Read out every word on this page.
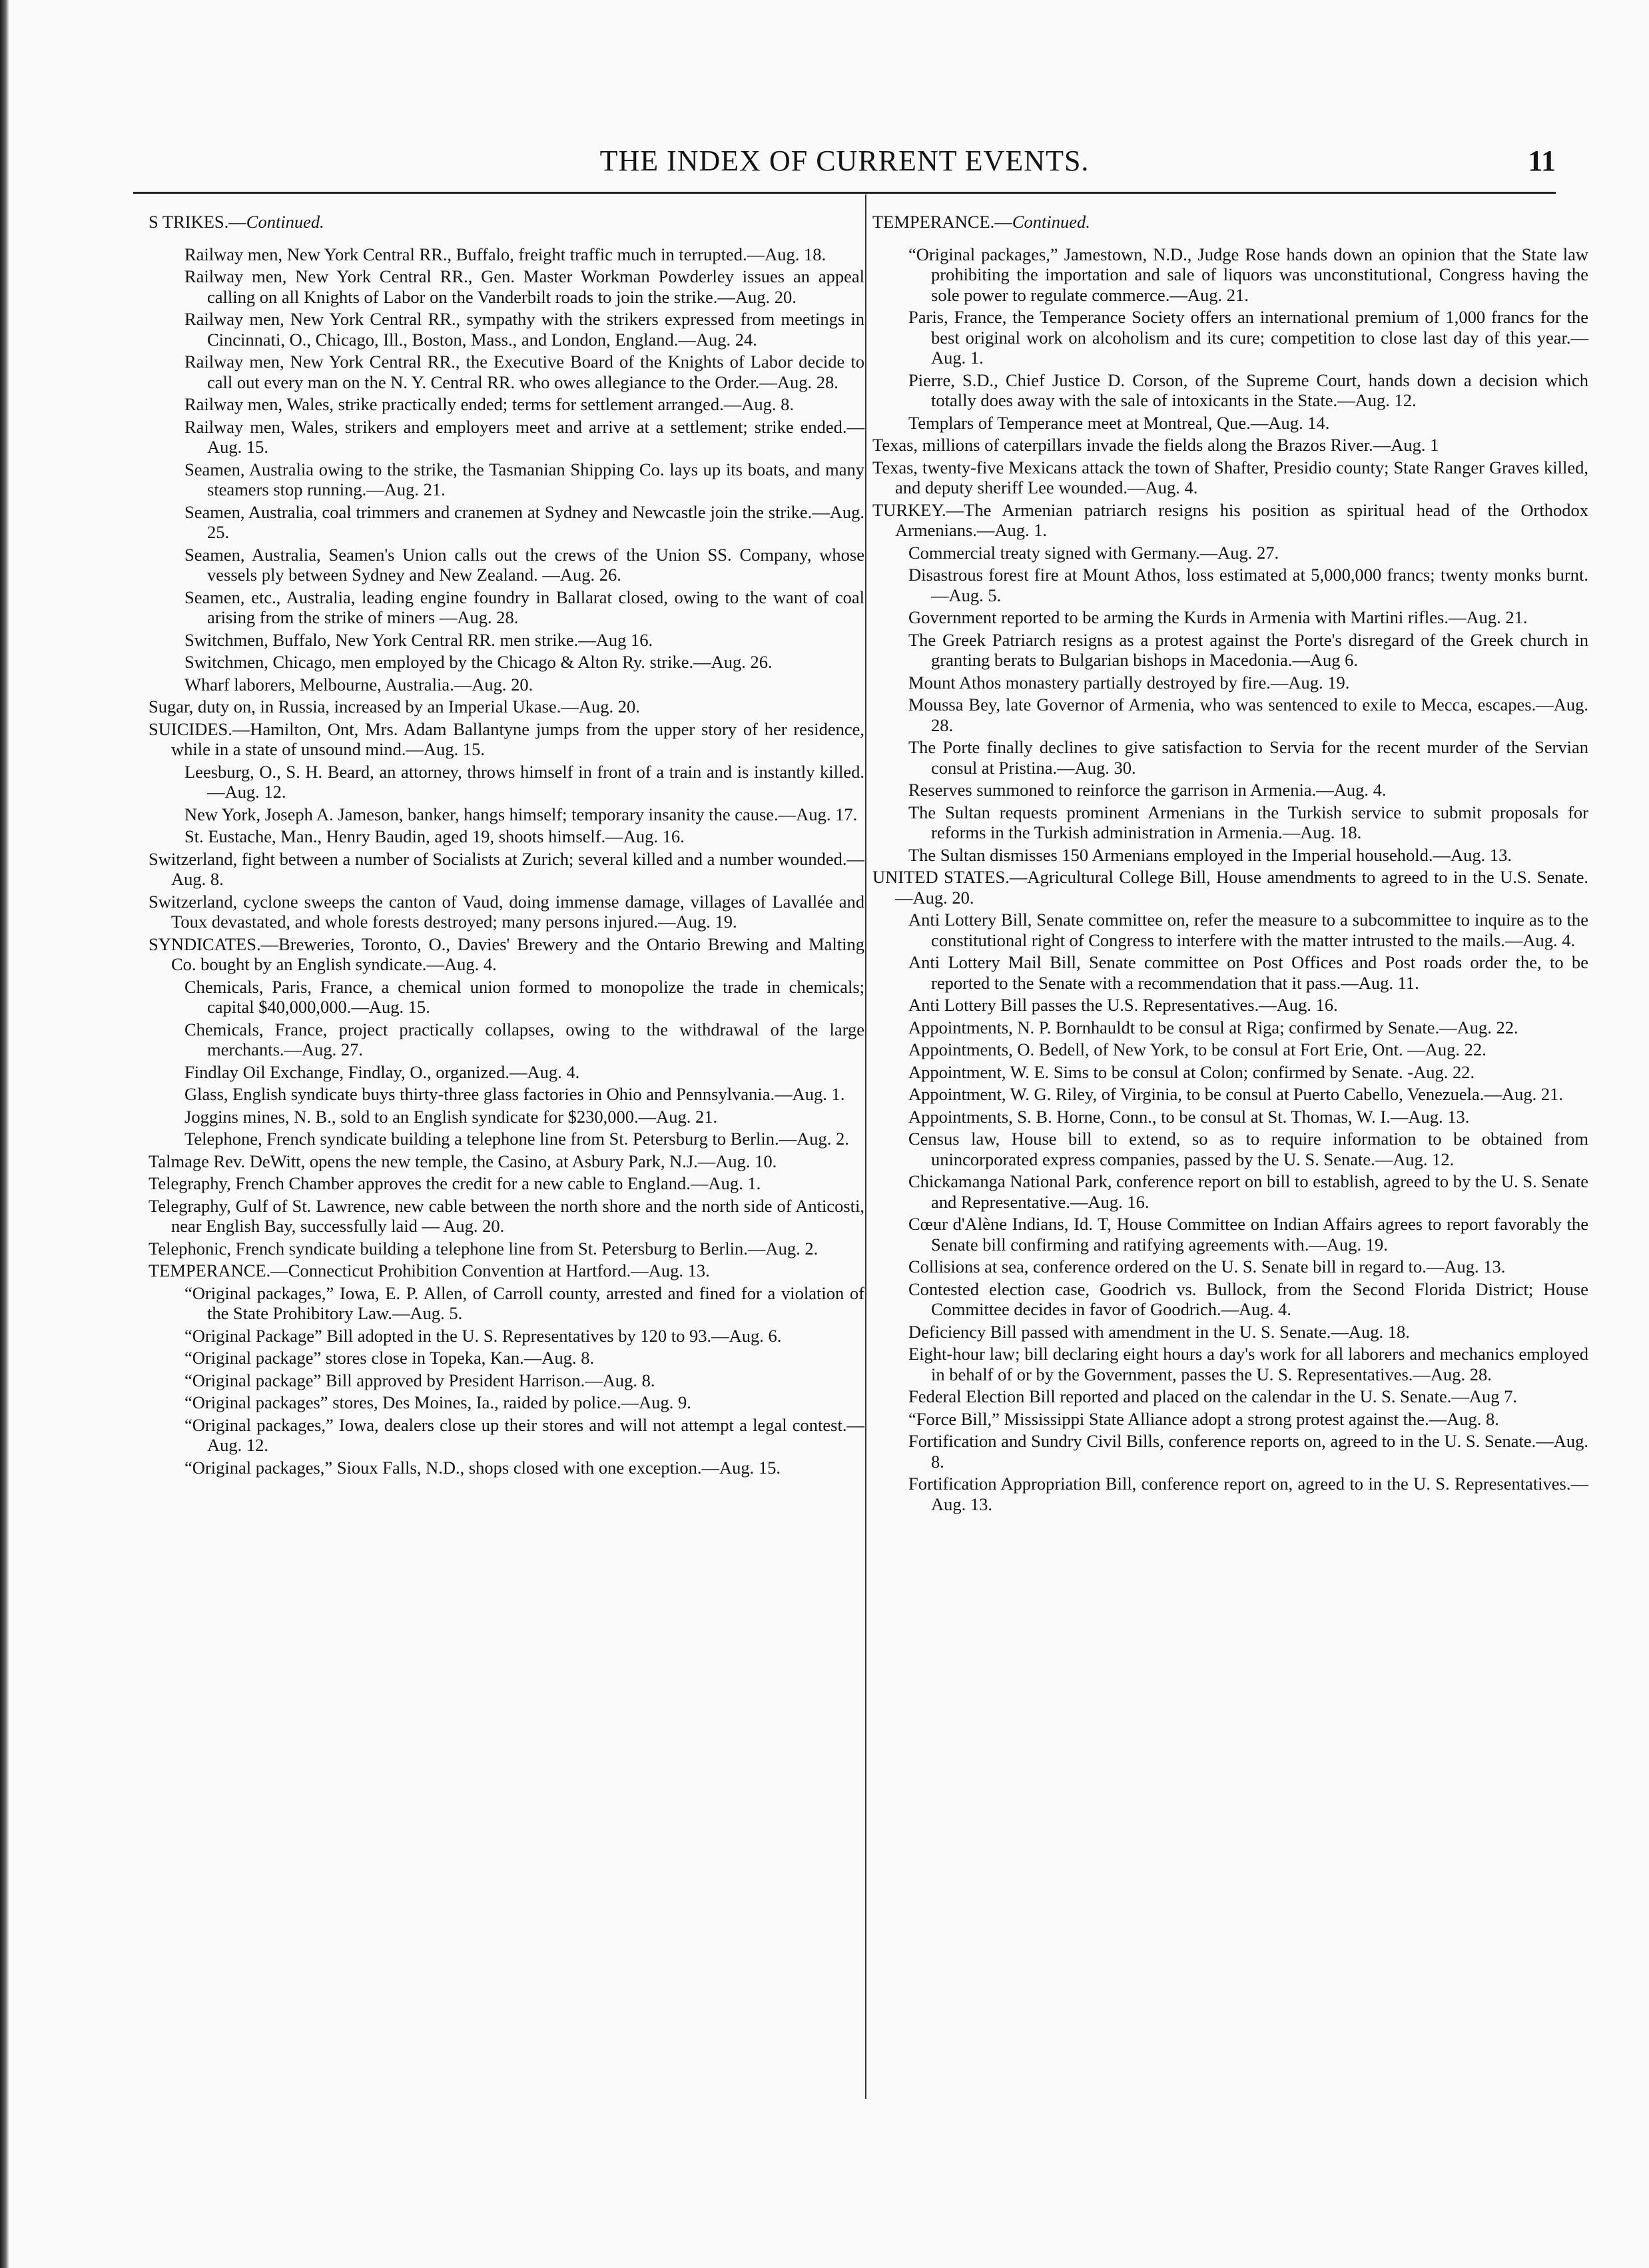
THE INDEX OF CURRENT EVENTS.	11
S TRIKES.—Continued.
Railway men, New York Central RR., Buffalo, freight traffic much in terrupted.—Aug. 18.
Railway men, New York Central RR., Gen. Master Workman Powderley issues an appeal calling on all Knights of Labor on the Vanderbilt roads to join the strike.—Aug. 20.
Railway men, New York Central RR., sympathy with the strikers expressed from meetings in Cincinnati, O., Chicago, Ill., Boston, Mass., and London, England.—Aug. 24.
Railway men, New York Central RR., the Executive Board of the Knights of Labor decide to call out every man on the N. Y. Central RR. who owes allegiance to the Order.—Aug. 28.
Railway men, Wales, strike practically ended; terms for settlement arranged.—Aug. 8.
Railway men, Wales, strikers and employers meet and arrive at a settlement; strike ended.—Aug. 15.
Seamen, Australia owing to the strike, the Tasmanian Shipping Co. lays up its boats, and many steamers stop running.—Aug. 21.
Seamen, Australia, coal trimmers and cranemen at Sydney and Newcastle join the strike.—Aug. 25.
Seamen, Australia, Seamen's Union calls out the crews of the Union SS. Company, whose vessels ply between Sydney and New Zealand. —Aug. 26.
Seamen, etc., Australia, leading engine foundry in Ballarat closed, owing to the want of coal arising from the strike of miners —Aug. 28.
Switchmen, Buffalo, New York Central RR. men strike.—Aug 16.
Switchmen, Chicago, men employed by the Chicago & Alton Ry. strike.—Aug. 26.
Wharf laborers, Melbourne, Australia.—Aug. 20.
Sugar, duty on, in Russia, increased by an Imperial Ukase.—Aug. 20.
SUICIDES.—Hamilton, Ont, Mrs. Adam Ballantyne jumps from the upper story of her residence, while in a state of unsound mind.—Aug. 15.
Leesburg, O., S. H. Beard, an attorney, throws himself in front of a train and is instantly killed.—Aug. 12.
New York, Joseph A. Jameson, banker, hangs himself; temporary insanity the cause.—Aug. 17.
St. Eustache, Man., Henry Baudin, aged 19, shoots himself.—Aug. 16.
Switzerland, fight between a number of Socialists at Zurich; several killed and a number wounded.—Aug. 8.
Switzerland, cyclone sweeps the canton of Vaud, doing immense damage, villages of Lavallée and Toux devastated, and whole forests destroyed; many persons injured.—Aug. 19.
SYNDICATES.—Breweries, Toronto, O., Davies' Brewery and the Ontario Brewing and Malting Co. bought by an English syndicate.—Aug. 4.
Chemicals, Paris, France, a chemical union formed to monopolize the trade in chemicals; capital $40,000,000.—Aug. 15.
Chemicals, France, project practically collapses, owing to the withdrawal of the large merchants.—Aug. 27.
Findlay Oil Exchange, Findlay, O., organized.—Aug. 4.
Glass, English syndicate buys thirty-three glass factories in Ohio and Pennsylvania.—Aug. 1.
Joggins mines, N. B., sold to an English syndicate for $230,000.—Aug. 21.
Telephone, French syndicate building a telephone line from St. Petersburg to Berlin.—Aug. 2.
Talmage Rev. DeWitt, opens the new temple, the Casino, at Asbury Park, N.J.—Aug. 10.
Telegraphy, French Chamber approves the credit for a new cable to England.—Aug. 1.
Telegraphy, Gulf of St. Lawrence, new cable between the north shore and the north side of Anticosti, near English Bay, successfully laid — Aug. 20.
Telephonic, French syndicate building a telephone line from St. Petersburg to Berlin.—Aug. 2.
TEMPERANCE.—Connecticut Prohibition Convention at Hartford.—Aug. 13.
“Original packages,” Iowa, E. P. Allen, of Carroll county, arrested and fined for a violation of the State Prohibitory Law.—Aug. 5.
“Original Package” Bill adopted in the U. S. Representatives by 120 to 93.—Aug. 6.
“Original package” stores close in Topeka, Kan.—Aug. 8.
“Original package” Bill approved by President Harrison.—Aug. 8.
“Original packages” stores, Des Moines, Ia., raided by police.—Aug. 9.
“Original packages,” Iowa, dealers close up their stores and will not attempt a legal contest.—Aug. 12.
“Original packages,” Sioux Falls, N.D., shops closed with one exception.—Aug. 15.
TEMPERANCE.—Continued.
“Original packages,” Jamestown, N.D., Judge Rose hands down an opinion that the State law prohibiting the importation and sale of liquors was unconstitutional, Congress having the sole power to regulate commerce.—Aug. 21.
Paris, France, the Temperance Society offers an international premium of 1,000 francs for the best original work on alcoholism and its cure; competition to close last day of this year.—Aug. 1.
Pierre, S.D., Chief Justice D. Corson, of the Supreme Court, hands down a decision which totally does away with the sale of intoxicants in the State.—Aug. 12.
Templars of Temperance meet at Montreal, Que.—Aug. 14.
Texas, millions of caterpillars invade the fields along the Brazos River.—Aug. 1
Texas, twenty-five Mexicans attack the town of Shafter, Presidio county; State Ranger Graves killed, and deputy sheriff Lee wounded.—Aug. 4.
TURKEY.—The Armenian patriarch resigns his position as spiritual head of the Orthodox Armenians.—Aug. 1.
Commercial treaty signed with Germany.—Aug. 27.
Disastrous forest fire at Mount Athos, loss estimated at 5,000,000 francs; twenty monks burnt.—Aug. 5.
Government reported to be arming the Kurds in Armenia with Martini rifles.—Aug. 21.
The Greek Patriarch resigns as a protest against the Porte's disregard of the Greek church in granting berats to Bulgarian bishops in Macedonia.—Aug 6.
Mount Athos monastery partially destroyed by fire.—Aug. 19.
Moussa Bey, late Governor of Armenia, who was sentenced to exile to Mecca, escapes.—Aug. 28.
The Porte finally declines to give satisfaction to Servia for the recent murder of the Servian consul at Pristina.—Aug. 30.
Reserves summoned to reinforce the garrison in Armenia.—Aug. 4.
The Sultan requests prominent Armenians in the Turkish service to submit proposals for reforms in the Turkish administration in Armenia.—Aug. 18.
The Sultan dismisses 150 Armenians employed in the Imperial household.—Aug. 13.
UNITED STATES.—Agricultural College Bill, House amendments to agreed to in the U.S. Senate.—Aug. 20.
Anti Lottery Bill, Senate committee on, refer the measure to a subcommittee to inquire as to the constitutional right of Congress to interfere with the matter intrusted to the mails.—Aug. 4.
Anti Lottery Mail Bill, Senate committee on Post Offices and Post roads order the, to be reported to the Senate with a recommendation that it pass.—Aug. 11.
Anti Lottery Bill passes the U.S. Representatives.—Aug. 16.
Appointments, N. P. Bornhauldt to be consul at Riga; confirmed by Senate.—Aug. 22.
Appointments, O. Bedell, of New York, to be consul at Fort Erie, Ont. —Aug. 22.
Appointment, W. E. Sims to be consul at Colon; confirmed by Senate. -Aug. 22.
Appointment, W. G. Riley, of Virginia, to be consul at Puerto Cabello, Venezuela.—Aug. 21.
Appointments, S. B. Horne, Conn., to be consul at St. Thomas, W. I.—Aug. 13.
Census law, House bill to extend, so as to require information to be obtained from unincorporated express companies, passed by the U. S. Senate.—Aug. 12.
Chickamanga National Park, conference report on bill to establish, agreed to by the U. S. Senate and Representative.—Aug. 16.
Cœur d'Alène Indians, Id. T, House Committee on Indian Affairs agrees to report favorably the Senate bill confirming and ratifying agreements with.—Aug. 19.
Collisions at sea, conference ordered on the U. S. Senate bill in regard to.—Aug. 13.
Contested election case, Goodrich vs. Bullock, from the Second Florida District; House Committee decides in favor of Goodrich.—Aug. 4.
Deficiency Bill passed with amendment in the U. S. Senate.—Aug. 18.
Eight-hour law; bill declaring eight hours a day's work for all laborers and mechanics employed in behalf of or by the Government, passes the U. S. Representatives.—Aug. 28.
Federal Election Bill reported and placed on the calendar in the U. S. Senate.—Aug 7.
“Force Bill,” Mississippi State Alliance adopt a strong protest against the.—Aug. 8.
Fortification and Sundry Civil Bills, conference reports on, agreed to in the U. S. Senate.—Aug. 8.
Fortification Appropriation Bill, conference report on, agreed to in the U. S. Representatives.—Aug. 13.
